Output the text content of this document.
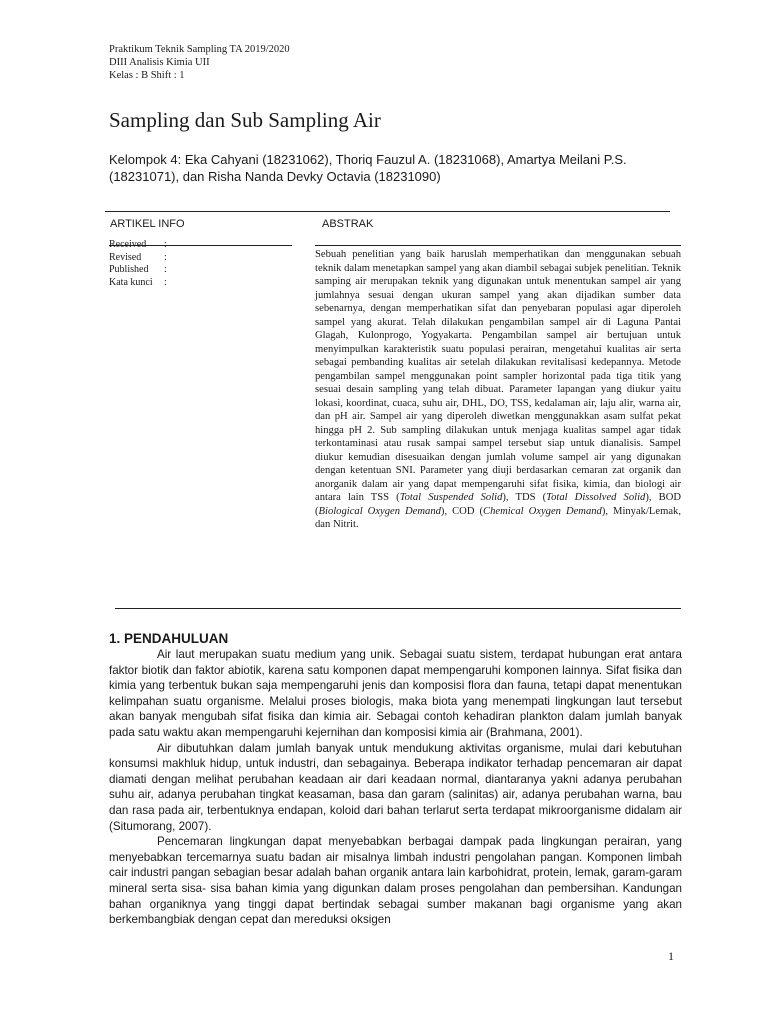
Praktikum Teknik Sampling TA 2019/2020
DIII Analisis Kimia UII
Kelas : B Shift : 1
Sampling dan Sub Sampling Air
Kelompok 4: Eka Cahyani (18231062), Thoriq Fauzul A. (18231068), Amartya Meilani P.S. (18231071), dan Risha Nanda Devky Octavia (18231090)
ARTIKEL INFO	ABSTRAK
Received :
Revised :
Published :
Kata kunci :
Sebuah penelitian yang baik haruslah memperhatikan dan menggunakan sebuah teknik dalam menetapkan sampel yang akan diambil sebagai subjek penelitian. Teknik samping air merupakan teknik yang digunakan untuk menentukan sampel air yang jumlahnya sesuai dengan ukuran sampel yang akan dijadikan sumber data sebenarnya, dengan memperhatikan sifat dan penyebaran populasi agar diperoleh sampel yang akurat. Telah dilakukan pengambilan sampel air di Laguna Pantai Glagah, Kulonprogo, Yogyakarta. Pengambilan sampel air bertujuan untuk menyimpulkan karakteristik suatu populasi perairan, mengetahui kualitas air serta sebagai pembanding kualitas air setelah dilakukan revitalisasi kedepannya. Metode pengambilan sampel menggunakan point sampler horizontal pada tiga titik yang sesuai desain sampling yang telah dibuat. Parameter lapangan yang diukur yaitu lokasi, koordinat, cuaca, suhu air, DHL, DO, TSS, kedalaman air, laju alir, warna air, dan pH air. Sampel air yang diperoleh diwetkan menggunakkan asam sulfat pekat hingga pH 2. Sub sampling dilakukan untuk menjaga kualitas sampel agar tidak terkontaminasi atau rusak sampai sampel tersebut siap untuk dianalisis. Sampel diukur kemudian disesuaikan dengan jumlah volume sampel air yang digunakan dengan ketentuan SNI. Parameter yang diuji berdasarkan cemaran zat organik dan anorganik dalam air yang dapat mempengaruhi sifat fisika, kimia, dan biologi air antara lain TSS (Total Suspended Solid), TDS (Total Dissolved Solid), BOD (Biological Oxygen Demand), COD (Chemical Oxygen Demand), Minyak/Lemak, dan Nitrit.
1. PENDAHULUAN

Air laut merupakan suatu medium yang unik. Sebagai suatu sistem, terdapat hubungan erat antara faktor biotik dan faktor abiotik, karena satu komponen dapat mempengaruhi komponen lainnya. Sifat fisika dan kimia yang terbentuk bukan saja mempengaruhi jenis dan komposisi flora dan fauna, tetapi dapat menentukan kelimpahan suatu organisme. Melalui proses biologis, maka biota yang menempati lingkungan laut tersebut akan banyak mengubah sifat fisika dan kimia air. Sebagai contoh kehadiran plankton dalam jumlah banyak pada satu waktu akan mempengaruhi kejernihan dan komposisi kimia air (Brahmana, 2001).

Air dibutuhkan dalam jumlah banyak untuk mendukung aktivitas organisme, mulai dari kebutuhan konsumsi makhluk hidup, untuk industri, dan sebagainya. Beberapa indikator terhadap pencemaran air dapat diamati dengan melihat perubahan keadaan air dari keadaan normal, diantaranya yakni adanya perubahan suhu air, adanya perubahan tingkat keasaman, basa dan garam (salinitas) air, adanya perubahan warna, bau dan rasa pada air, terbentuknya endapan, koloid dari bahan terlarut serta terdapat mikroorganisme didalam air (Situmorang, 2007).

Pencemaran lingkungan dapat menyebabkan berbagai dampak pada lingkungan perairan, yang menyebabkan tercemarnya suatu badan air misalnya limbah industri pengolahan pangan. Komponen limbah cair industri pangan sebagian besar adalah bahan organik antara lain karbohidrat, protein, lemak, garam-garam mineral serta sisa- sisa bahan kimia yang digunkan dalam proses pengolahan dan pembersihan. Kandungan bahan organiknya yang tinggi dapat bertindak sebagai sumber makanan bagi organisme yang akan berkembangbiak dengan cepat dan mereduksi oksigen

1
